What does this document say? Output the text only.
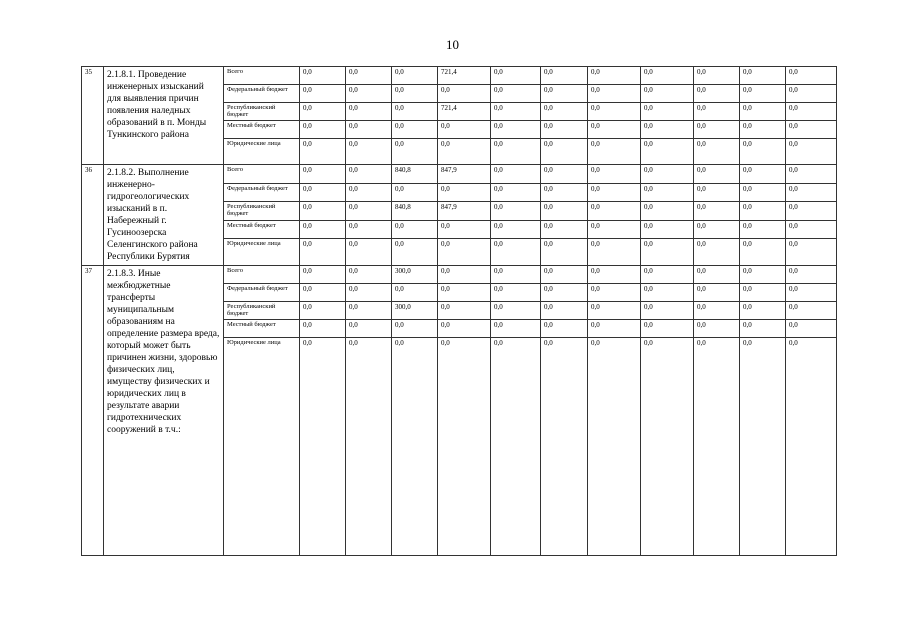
10
35	2.1.8.1. Проведение инженерных изысканий для выявления причин появления наледных образований в п. Монды Тункинского района	Всего	0,0	0,0	0,0	721,4	0,0	0,0	0,0	0,0	0,0	0,0	0,0
		Федеральный бюджет	0,0	0,0	0,0	0,0	0,0	0,0	0,0	0,0	0,0	0,0	0,0
		Республиканский бюджет	0,0	0,0	0,0	721,4	0,0	0,0	0,0	0,0	0,0	0,0	0,0
		Местный бюджет	0,0	0,0	0,0	0,0	0,0	0,0	0,0	0,0	0,0	0,0	0,0
		Юридические лица	0,0	0,0	0,0	0,0	0,0	0,0	0,0	0,0	0,0	0,0	0,0
36	2.1.8.2. Выполнение инженерно-гидрогеологических изысканий в п. Набережный г. Гусиноозерска Селенгинского района Республики Бурятия	Всего	0,0	0,0	840,8	847,9	0,0	0,0	0,0	0,0	0,0	0,0	0,0
		Федеральный бюджет	0,0	0,0	0,0	0,0	0,0	0,0	0,0	0,0	0,0	0,0	0,0
		Республиканский бюджет	0,0	0,0	840,8	847,9	0,0	0,0	0,0	0,0	0,0	0,0	0,0
		Местный бюджет	0,0	0,0	0,0	0,0	0,0	0,0	0,0	0,0	0,0	0,0	0,0
		Юридические лица	0,0	0,0	0,0	0,0	0,0	0,0	0,0	0,0	0,0	0,0	0,0
37	2.1.8.3. Иные межбюджетные трансферты муниципальным образованиям на определение размера вреда, который может быть причинен жизни, здоровью физических лиц, имуществу физических и юридических лиц в результате аварии гидротехнических сооружений в т.ч.:	Всего	0,0	0,0	300,0	0,0	0,0	0,0	0,0	0,0	0,0	0,0	0,0
		Федеральный бюджет	0,0	0,0	0,0	0,0	0,0	0,0	0,0	0,0	0,0	0,0	0,0
		Республиканский бюджет	0,0	0,0	300,0	0,0	0,0	0,0	0,0	0,0	0,0	0,0	0,0
		Местный бюджет	0,0	0,0	0,0	0,0	0,0	0,0	0,0	0,0	0,0	0,0	0,0
		Юридические лица	0,0	0,0	0,0	0,0	0,0	0,0	0,0	0,0	0,0	0,0	0,0
